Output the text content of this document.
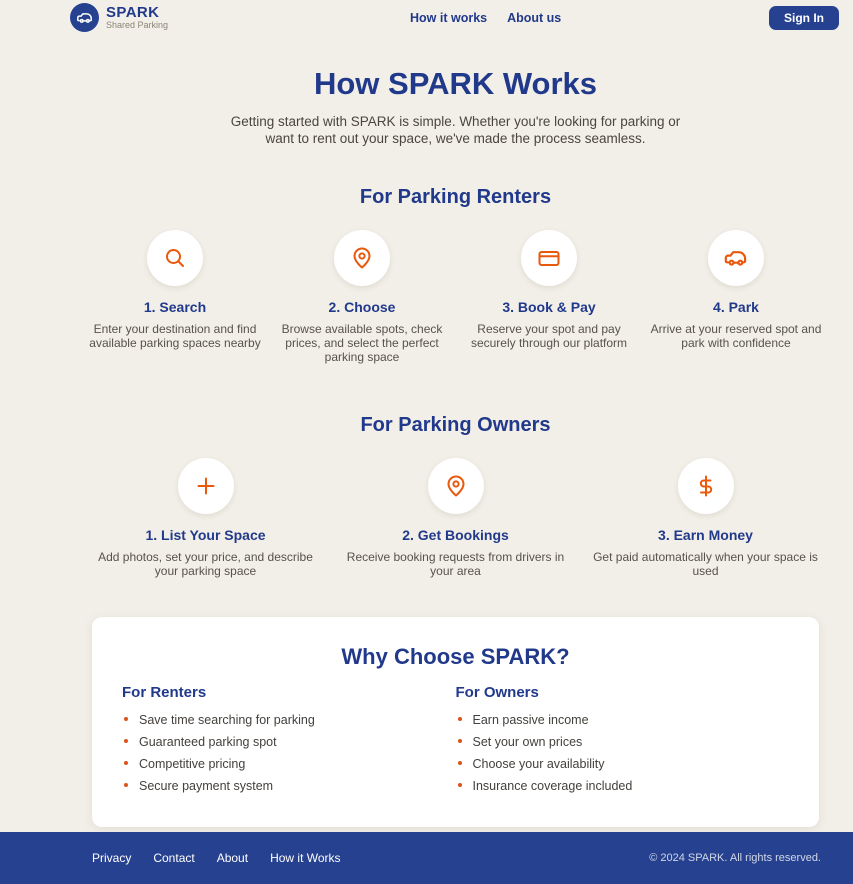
SPARK
Shared Parking	How it works About us	Sign In
How SPARK Works

Getting started with SPARK is simple. Whether you're looking for parking or want to rent out your space, we've made the process seamless.

For Parking Renters
1. Search

Enter your destination and find available parking spaces nearby

2. Choose

Browse available spots, check prices, and select the perfect parking space

3. Book & Pay

Reserve your spot and pay securely through our platform

4. Park

Arrive at your reserved spot and park with confidence

For Parking Owners
1. List Your Space

Add photos, set your price, and describe your parking space

2. Get Bookings

Receive booking requests from drivers in your area

3. Earn Money

Get paid automatically when your space is used

Why Choose SPARK?
For Renters
Save time searching for parking
Guaranteed parking spot
Competitive pricing
Secure payment system
For Owners
Earn passive income
Set your own prices
Choose your availability
Insurance coverage included
Privacy Contact About How it Works	© 2024 SPARK. All rights reserved.
